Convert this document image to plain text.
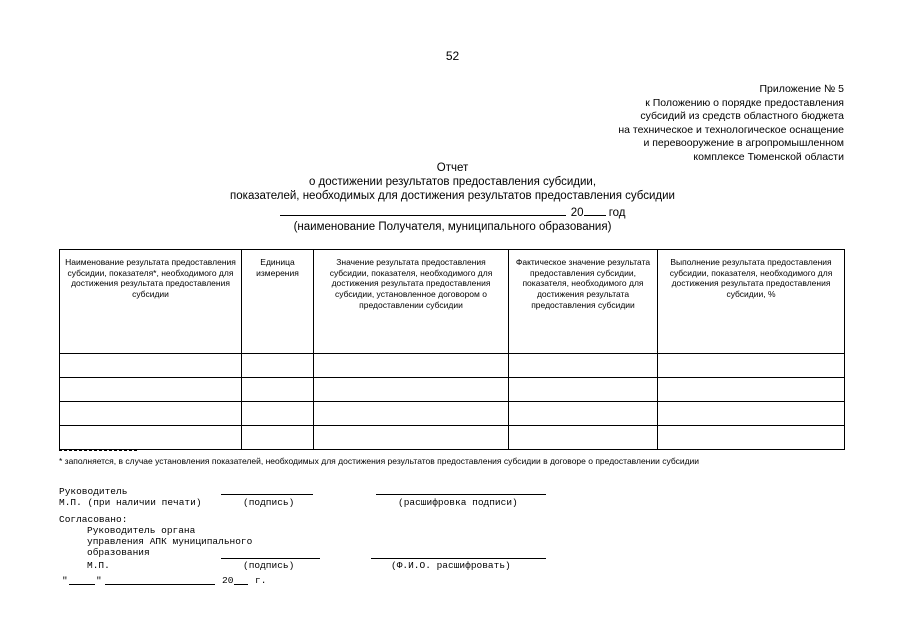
52
Приложение № 5
к Положению о порядке предоставления
субсидий из средств областного бюджета
на техническое и технологическое оснащение
и перевооружение в агропромышленном
комплексе Тюменской области
Отчет
о достижении результатов предоставления субсидии,
показателей, необходимых для достижения результатов предоставления субсидии
20 год
(наименование Получателя, муниципального образования)
Наименование результата предоставления субсидии, показателя*, необходимого для достижения результата предоставления субсидии	Единица измерения	Значение результата предоставления субсидии, показателя, необходимого для достижения результата предоставления субсидии, установленное договором о предоставлении субсидии	Фактическое значение результата предоставления субсидии, показателя, необходимого для достижения результата предоставления субсидии	Выполнение результата предоставления субсидии, показателя, необходимого для достижения результата предоставления субсидии, %

* заполняется, в случае установления показателей, необходимых для достижения результатов предоставления субсидии в договоре о предоставлении субсидии
Руководитель
М.П. (при наличии печати)	(подпись)	(расшифровка подписи)
Согласовано:
Руководитель органа
управления АПК муниципального
образования
М.П.	(подпись)	(Ф.И.О. расшифровать)
"	"	20 г.
